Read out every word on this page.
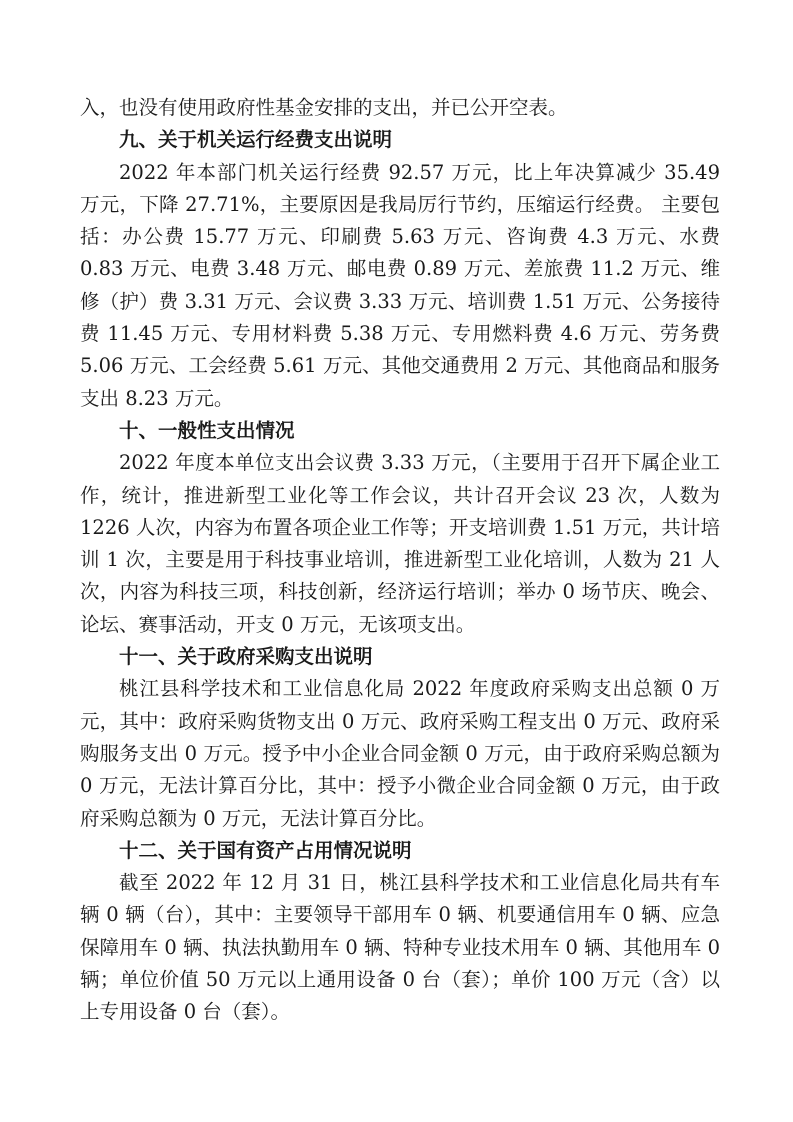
入，也没有使用政府性基金安排的支出，并已公开空表。

九、关于机关运行经费支出说明

2022 年本部门机关运行经费 92.57 万元，比上年决算减少 35.49 万元，下降 27.71%，主要原因是我局厉行节约，压缩运行经费。 主要包括：办公费 15.77 万元、印刷费 5.63 万元、咨询费 4.3 万元、水费 0.83 万元、电费 3.48 万元、邮电费 0.89 万元、差旅费 11.2 万元、维修（护）费 3.31 万元、会议费 3.33 万元、培训费 1.51 万元、公务接待费 11.45 万元、专用材料费 5.38 万元、专用燃料费 4.6 万元、劳务费 5.06 万元、工会经费 5.61 万元、其他交通费用 2 万元、其他商品和服务支出 8.23 万元。

十、一般性支出情况

2022 年度本单位支出会议费 3.33 万元，（主要用于召开下属企业工作，统计，推进新型工业化等工作会议，共计召开会议 23 次，人数为 1226 人次，内容为布置各项企业工作等；开支培训费 1.51 万元，共计培训 1 次，主要是用于科技事业培训，推进新型工业化培训，人数为 21 人次，内容为科技三项，科技创新，经济运行培训；举办 0 场节庆、晚会、论坛、赛事活动，开支 0 万元，无该项支出。

十一、关于政府采购支出说明

桃江县科学技术和工业信息化局 2022 年度政府采购支出总额 0 万元，其中：政府采购货物支出 0 万元、政府采购工程支出 0 万元、政府采购服务支出 0 万元。授予中小企业合同金额 0 万元，由于政府采购总额为 0 万元，无法计算百分比，其中：授予小微企业合同金额 0 万元，由于政府采购总额为 0 万元，无法计算百分比。

十二、关于国有资产占用情况说明

截至 2022 年 12 月 31 日，桃江县科学技术和工业信息化局共有车辆 0 辆（台），其中：主要领导干部用车 0 辆、机要通信用车 0 辆、应急保障用车 0 辆、执法执勤用车 0 辆、特种专业技术用车 0 辆、其他用车 0 辆；单位价值 50 万元以上通用设备 0 台（套）；单价 100 万元（含）以上专用设备 0 台（套）。
